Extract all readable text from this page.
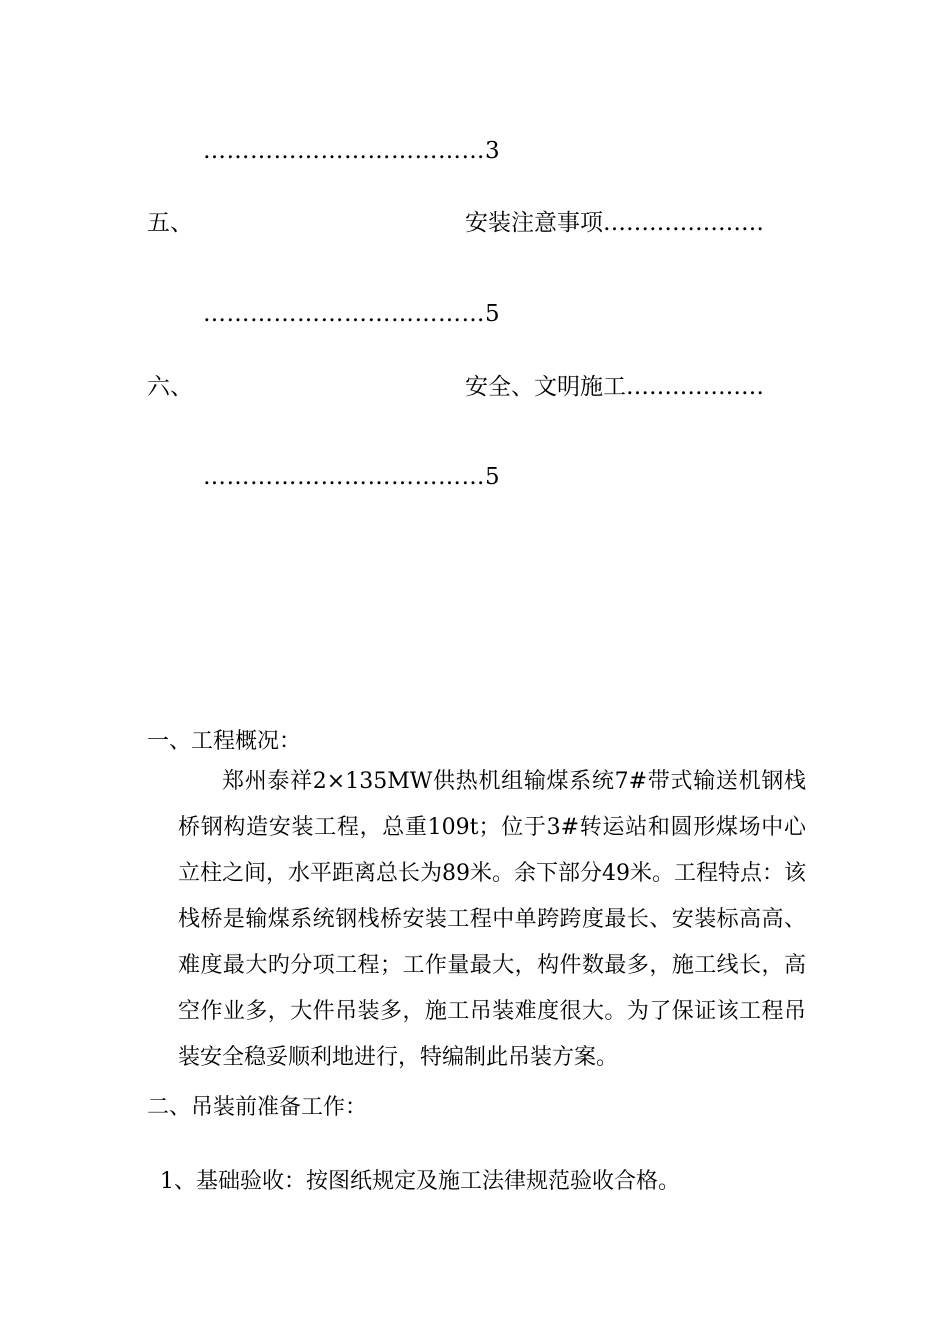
………………………………3
五、	安装注意事项…………………
………………………………5
六、	安全、文明施工………………
………………………………5
一、工程概况：
郑州泰祥2×135MW供热机组输煤系统7#带式输送机钢栈桥钢构造安装工程，总重109t；位于3#转运站和圆形煤场中心立柱之间，水平距离总长为89米。余下部分49米。工程特点：该栈桥是输煤系统钢栈桥安装工程中单跨跨度最长、安装标高高、难度最大旳分项工程；工作量最大，构件数最多，施工线长，高空作业多，大件吊装多，施工吊装难度很大。为了保证该工程吊装安全稳妥顺利地进行，特编制此吊装方案。
二、吊装前准备工作：
1、基础验收：按图纸规定及施工法律规范验收合格。
